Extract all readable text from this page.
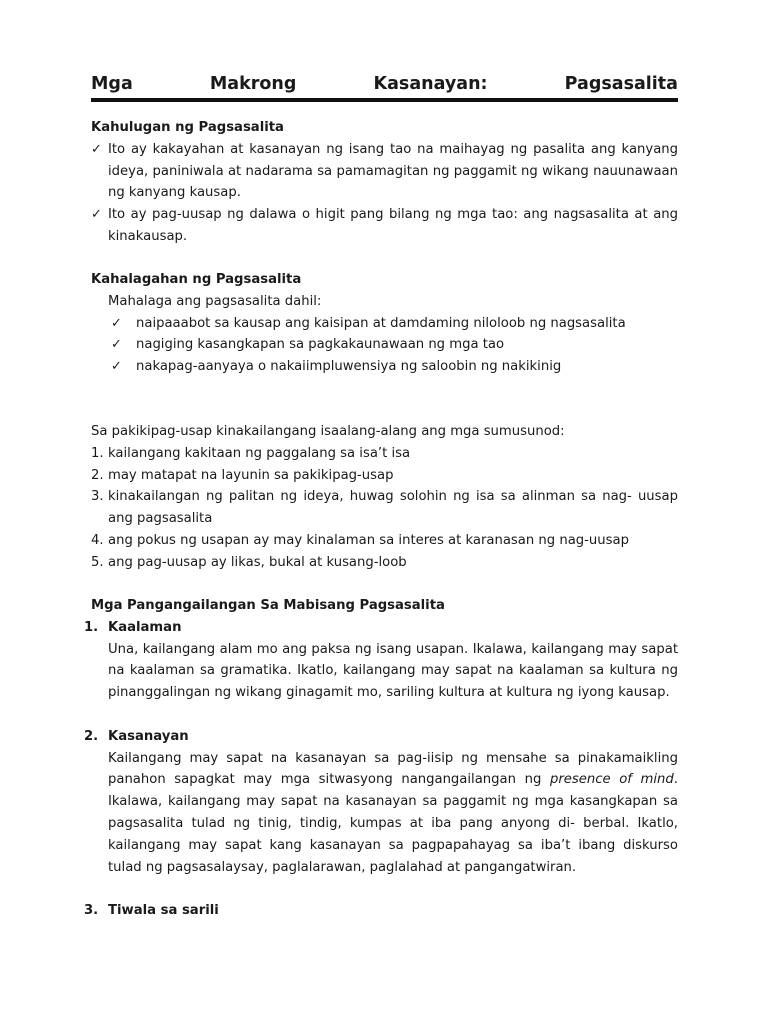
Mga	Makrong	Kasanayan:	Pagsasalita
Kahulugan ng Pagsasalita
✓ Ito ay kakayahan at kasanayan ng isang tao na maihayag ng pasalita ang kanyang ideya, paniniwala at nadarama sa pamamagitan ng paggamit ng wikang nauunawaan ng kanyang kausap.
✓ Ito ay pag-uusap ng dalawa o higit pang bilang ng mga tao: ang nagsasalita at ang kinakausap.
Kahalagahan ng Pagsasalita
Mahalaga ang pagsasalita dahil:
✓ naipaaabot sa kausap ang kaisipan at damdaming niloloob ng nagsasalita
✓ nagiging kasangkapan sa pagkakaunawaan ng mga tao
✓ nakapag-aanyaya o nakaiimpluwensiya ng saloobin ng nakikinig
Sa pakikipag-usap kinakailangang isaalang-alang ang mga sumusunod:
1. kailangang kakitaan ng paggalang sa isa’t isa
2. may matapat na layunin sa pakikipag-usap
3. kinakailangan ng palitan ng ideya, huwag solohin ng isa sa alinman sa nag- uusap ang pagsasalita
4. ang pokus ng usapan ay may kinalaman sa interes at karanasan ng nag-uusap
5. ang pag-uusap ay likas, bukal at kusang-loob
Mga Pangangailangan Sa Mabisang Pagsasalita
1. Kaalaman
Una, kailangang alam mo ang paksa ng isang usapan. Ikalawa, kailangang may sapat na kaalaman sa gramatika. Ikatlo, kailangang may sapat na kaalaman sa kultura ng pinanggalingan ng wikang ginagamit mo, sariling kultura at kultura ng iyong kausap.
2. Kasanayan
Kailangang may sapat na kasanayan sa pag-iisip ng mensahe sa pinakamaikling panahon sapagkat may mga sitwasyong nangangailangan ng presence of mind. Ikalawa, kailangang may sapat na kasanayan sa paggamit ng mga kasangkapan sa pagsasalita tulad ng tinig, tindig, kumpas at iba pang anyong di- berbal. Ikatlo, kailangang may sapat kang kasanayan sa pagpapahayag sa iba’t ibang diskurso tulad ng pagsasalaysay, paglalarawan, paglalahad at pangangatwiran.
3. Tiwala sa sarili
